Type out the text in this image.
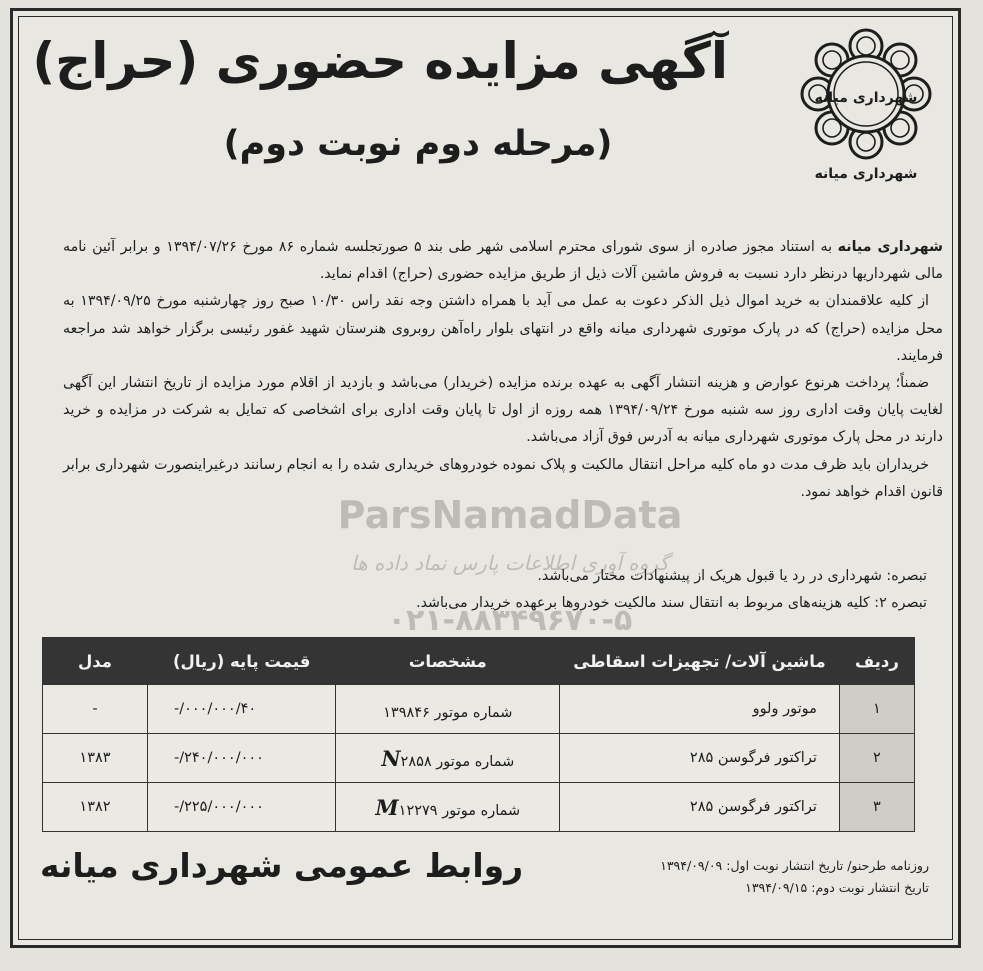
شهرداری میانه
شهرداری میانه
آگهی مزایده حضوری (حراج)
(مرحله دوم نوبت دوم)

شهرداری میانه به استناد مجوز صادره از سوی شورای محترم اسلامی شهر طی بند ۵ صورتجلسه شماره ۸۶ مورخ ۱۳۹۴/۰۷/۲۶ و برابر آئین نامه مالی شهرداریها درنظر دارد نسبت به فروش ماشین آلات ذیل از طریق مزایده حضوری (حراج) اقدام نماید.

از کلیه علاقمندان به خرید اموال ذیل الذکر دعوت به عمل می آید با همراه داشتن وجه نقد راس ۱۰/۳۰ صبح روز چهارشنبه مورخ ۱۳۹۴/۰۹/۲۵ به محل مزایده (حراج) که در پارک موتوری شهرداری میانه واقع در انتهای بلوار راه‌آهن روبروی هنرستان شهید غفور رئیسی برگزار خواهد شد مراجعه فرمایند.

ضمناً؛ پرداخت هرنوع عوارض و هزینه انتشار آگهی به عهده برنده مزایده (خریدار) می‌باشد و بازدید از اقلام مورد مزایده از تاریخ انتشار این آگهی لغایت پایان وقت اداری روز سه شنبه مورخ ۱۳۹۴/۰۹/۲۴ همه روزه از اول تا پایان وقت اداری برای اشخاصی که تمایل به شرکت در مزایده و خرید دارند در محل پارک موتوری شهرداری میانه به آدرس فوق آزاد می‌باشد.

خریداران باید ظرف مدت دو ماه کلیه مراحل انتقال مالکیت و پلاک نموده خودروهای خریداری شده را به انجام رسانند درغیراینصورت شهرداری برابر قانون اقدام خواهد نمود.

ParsNamadData
گروه آوری اطلاعات پارس نماد داده ها
۰۲۱-۸۸۳۴۹۶۷۰-۵

تبصره: شهرداری در رد یا قبول هریک از پیشنهادات مختار می‌باشد.

تبصره ۲: کلیه هزینه‌های مربوط به انتقال سند مالکیت خودروها برعهده خریدار می‌باشد.

ردیف	ماشین آلات/ تجهیزات اسقاطی	مشخصات	قیمت پایه (ریال)	مدل
۱	موتور ولوو	شماره موتور ۱۳۹۸۴۶	-/۰۰۰/۰۰۰/۴۰	-
۲	تراکتور فرگوسن ۲۸۵	شماره موتور N۲۸۵۸	-/۲۴۰/۰۰۰/۰۰۰	۱۳۸۳
۳	تراکتور فرگوسن ۲۸۵	شماره موتور M۱۲۲۷۹	-/۲۲۵/۰۰۰/۰۰۰	۱۳۸۲

روزنامه طرحنو/ تاریخ انتشار نوبت اول: ۱۳۹۴/۰۹/۰۹

تاریخ انتشار نوبت دوم: ۱۳۹۴/۰۹/۱۵

روابط عمومی شهرداری میانه
